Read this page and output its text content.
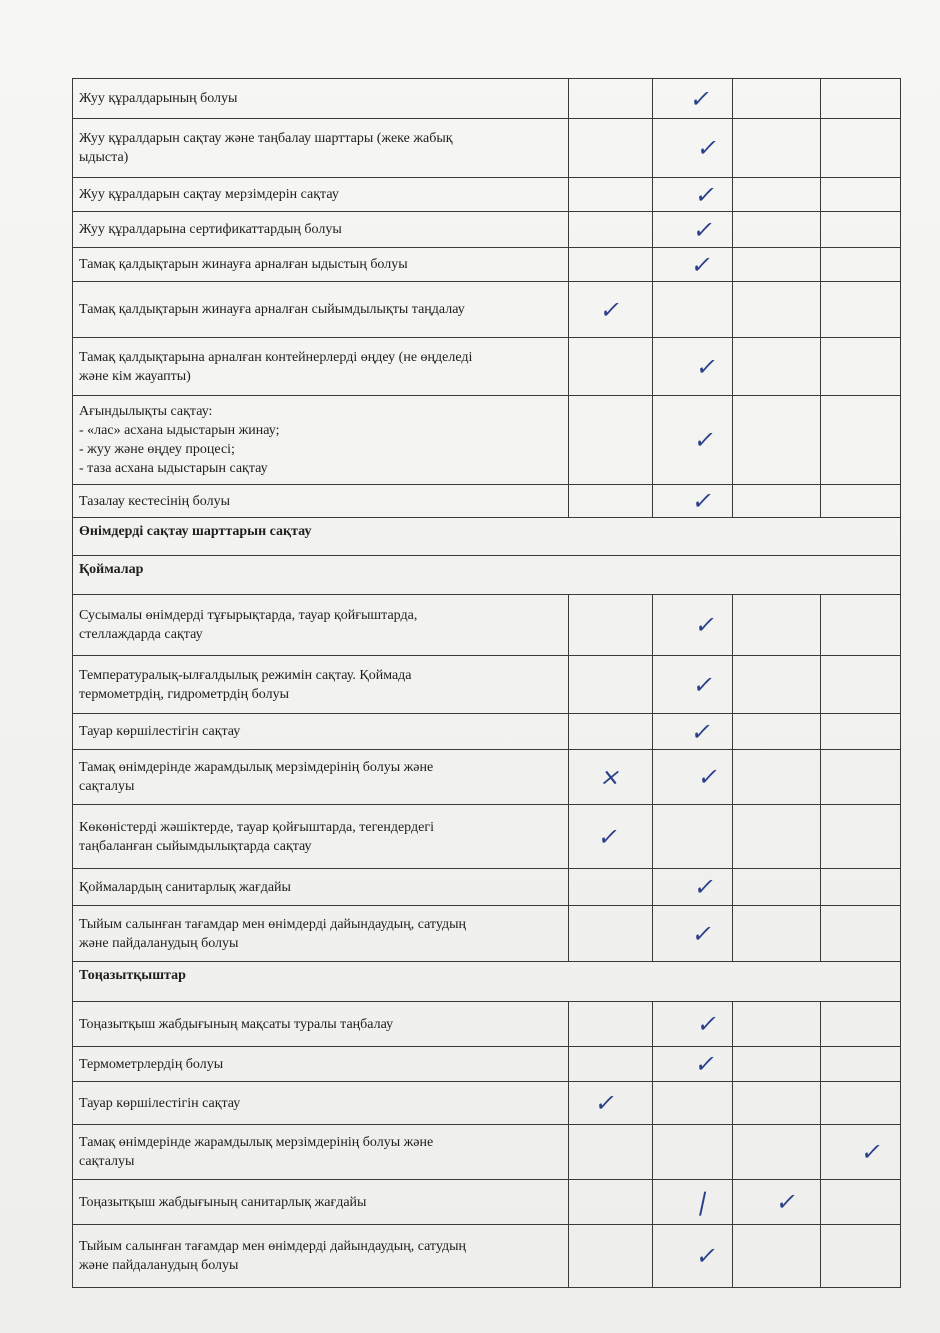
Жуу құралдарының болуы		✓		

Жуу құралдарын сақтау және таңбалау шарттары (жеке жабық
ыдыста)		✓		

Жуу құралдарын сақтау мерзімдерін сақтау		✓		

Жуу құралдарына сертификаттардың болуы		✓		

Тамақ қалдықтарын жинауға арналған ыдыстың болуы		✓		

Тамақ қалдықтарын жинауға арналған сыйымдылықты таңдалау	✓			

Тамақ қалдықтарына арналған контейнерлерді өңдеу (не өңделеді
және кім жауапты)		✓		

Ағындылықты сақтау:
- «лас» асхана ыдыстарын жинау;
- жуу және өңдеу процесі;
- таза асхана ыдыстарын сақтау		✓		

Тазалау кестесінің болуы		✓		

Өнімдерді сақтау шарттарын сақтау				

Қоймалар				

Сусымалы өнімдерді тұғырықтарда, тауар қойғыштарда,
стеллаждарда сақтау		✓		

Температуралық-ылғалдылық режимін сақтау. Қоймада
термометрдің, гидрометрдің болуы		✓		

Тауар көршілестігін сақтау		✓		

Тамақ өнімдерінде жарамдылық мерзімдерінің болуы және
сақталуы	×	✓		

Көкөністерді жәшіктерде, тауар қойғыштарда, тегендердегі
таңбаланған сыйымдылықтарда сақтау	✓			

Қоймалардың санитарлық жағдайы		✓		

Тыйым салынған тағамдар мен өнімдерді дайындаудың, сатудың
және пайдаланудың болуы		✓		

Тоңазытқыштар				

Тоңазытқыш жабдығының мақсаты туралы таңбалау		✓		

Термометрлердің болуы		✓		

Тауар көршілестігін сақтау	✓			

Тамақ өнімдерінде жарамдылық мерзімдерінің болуы және
сақталуы				✓

Тоңазытқыш жабдығының санитарлық жағдайы		|	✓	

Тыйым салынған тағамдар мен өнімдерді дайындаудың, сатудың
және пайдаланудың болуы		✓		
